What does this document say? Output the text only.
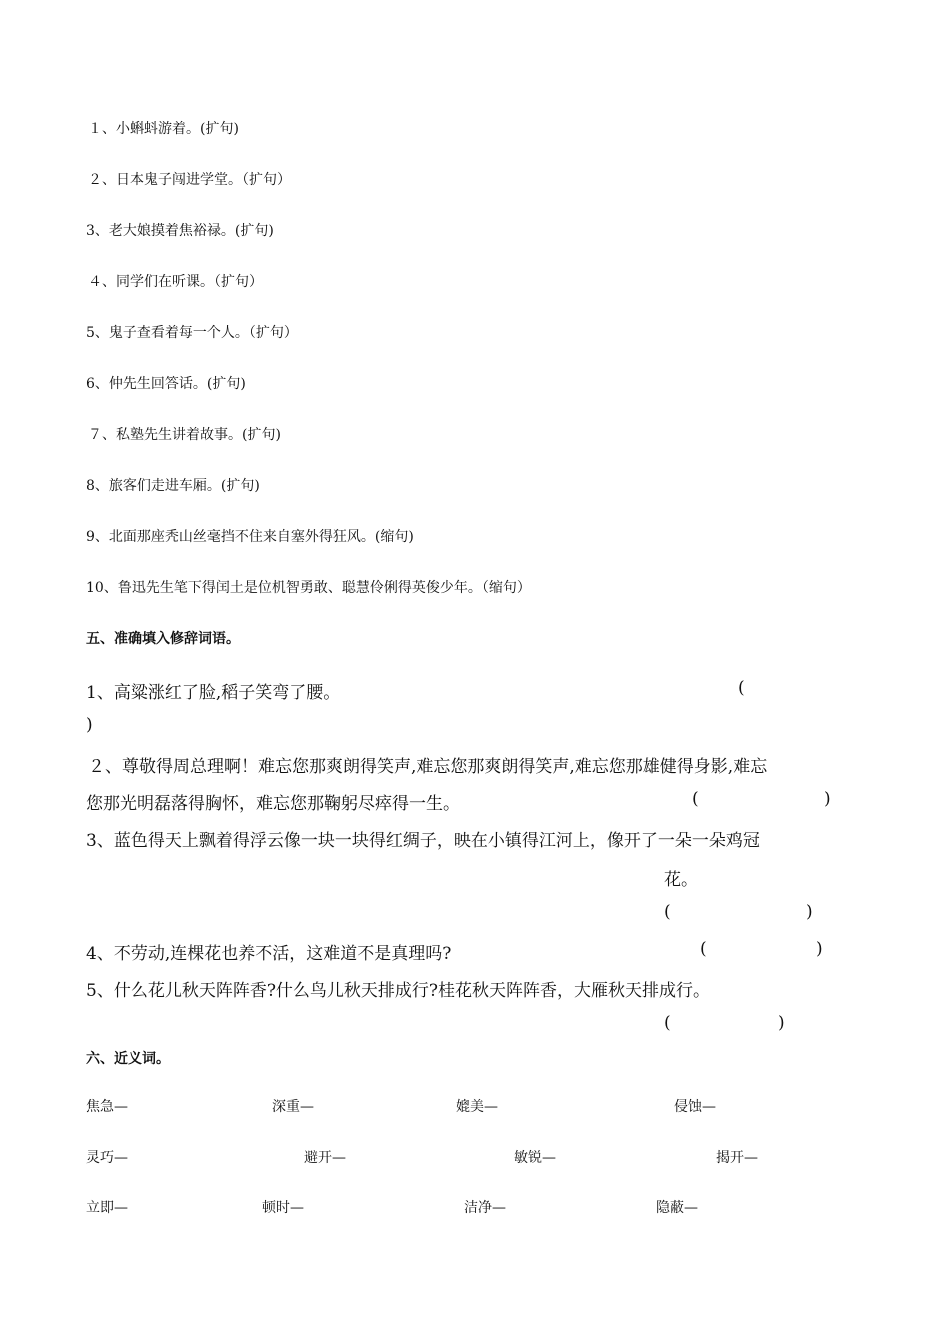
１、小蝌蚪游着。(扩句)
２、日本鬼子闯进学堂。（扩句）
3、老大娘摸着焦裕禄。(扩句)
４、同学们在听课。（扩句）
5、鬼子查看着每一个人。（扩句）
6、仲先生回答话。(扩句)
７、私塾先生讲着故事。(扩句)
8、旅客们走进车厢。(扩句)
9、北面那座秃山丝毫挡不住来自塞外得狂风。(缩句)
10、鲁迅先生笔下得闰土是位机智勇敢、聪慧伶俐得英俊少年。（缩句）
五、准确填入修辞词语。
1、高粱涨红了脸,稻子笑弯了腰。	(
)
２、尊敬得周总理啊！难忘您那爽朗得笑声,难忘您那爽朗得笑声,难忘您那雄健得身影,难忘
您那光明磊落得胸怀，难忘您那鞠躬尽瘁得一生。	(	)
3、蓝色得天上飘着得浮云像一块一块得红绸子，映在小镇得江河上，像开了一朵一朵鸡冠
花。
(	)
4、不劳动,连棵花也养不活，这难道不是真理吗?	(	)
5、什么花儿秋天阵阵香?什么鸟儿秋天排成行?桂花秋天阵阵香，大雁秋天排成行。
(	)
六、近义词。
焦急—	深重—	媲美—	侵蚀—
灵巧—	避开—	敏锐—	揭开—
立即—	顿时—	洁净—	隐蔽—
